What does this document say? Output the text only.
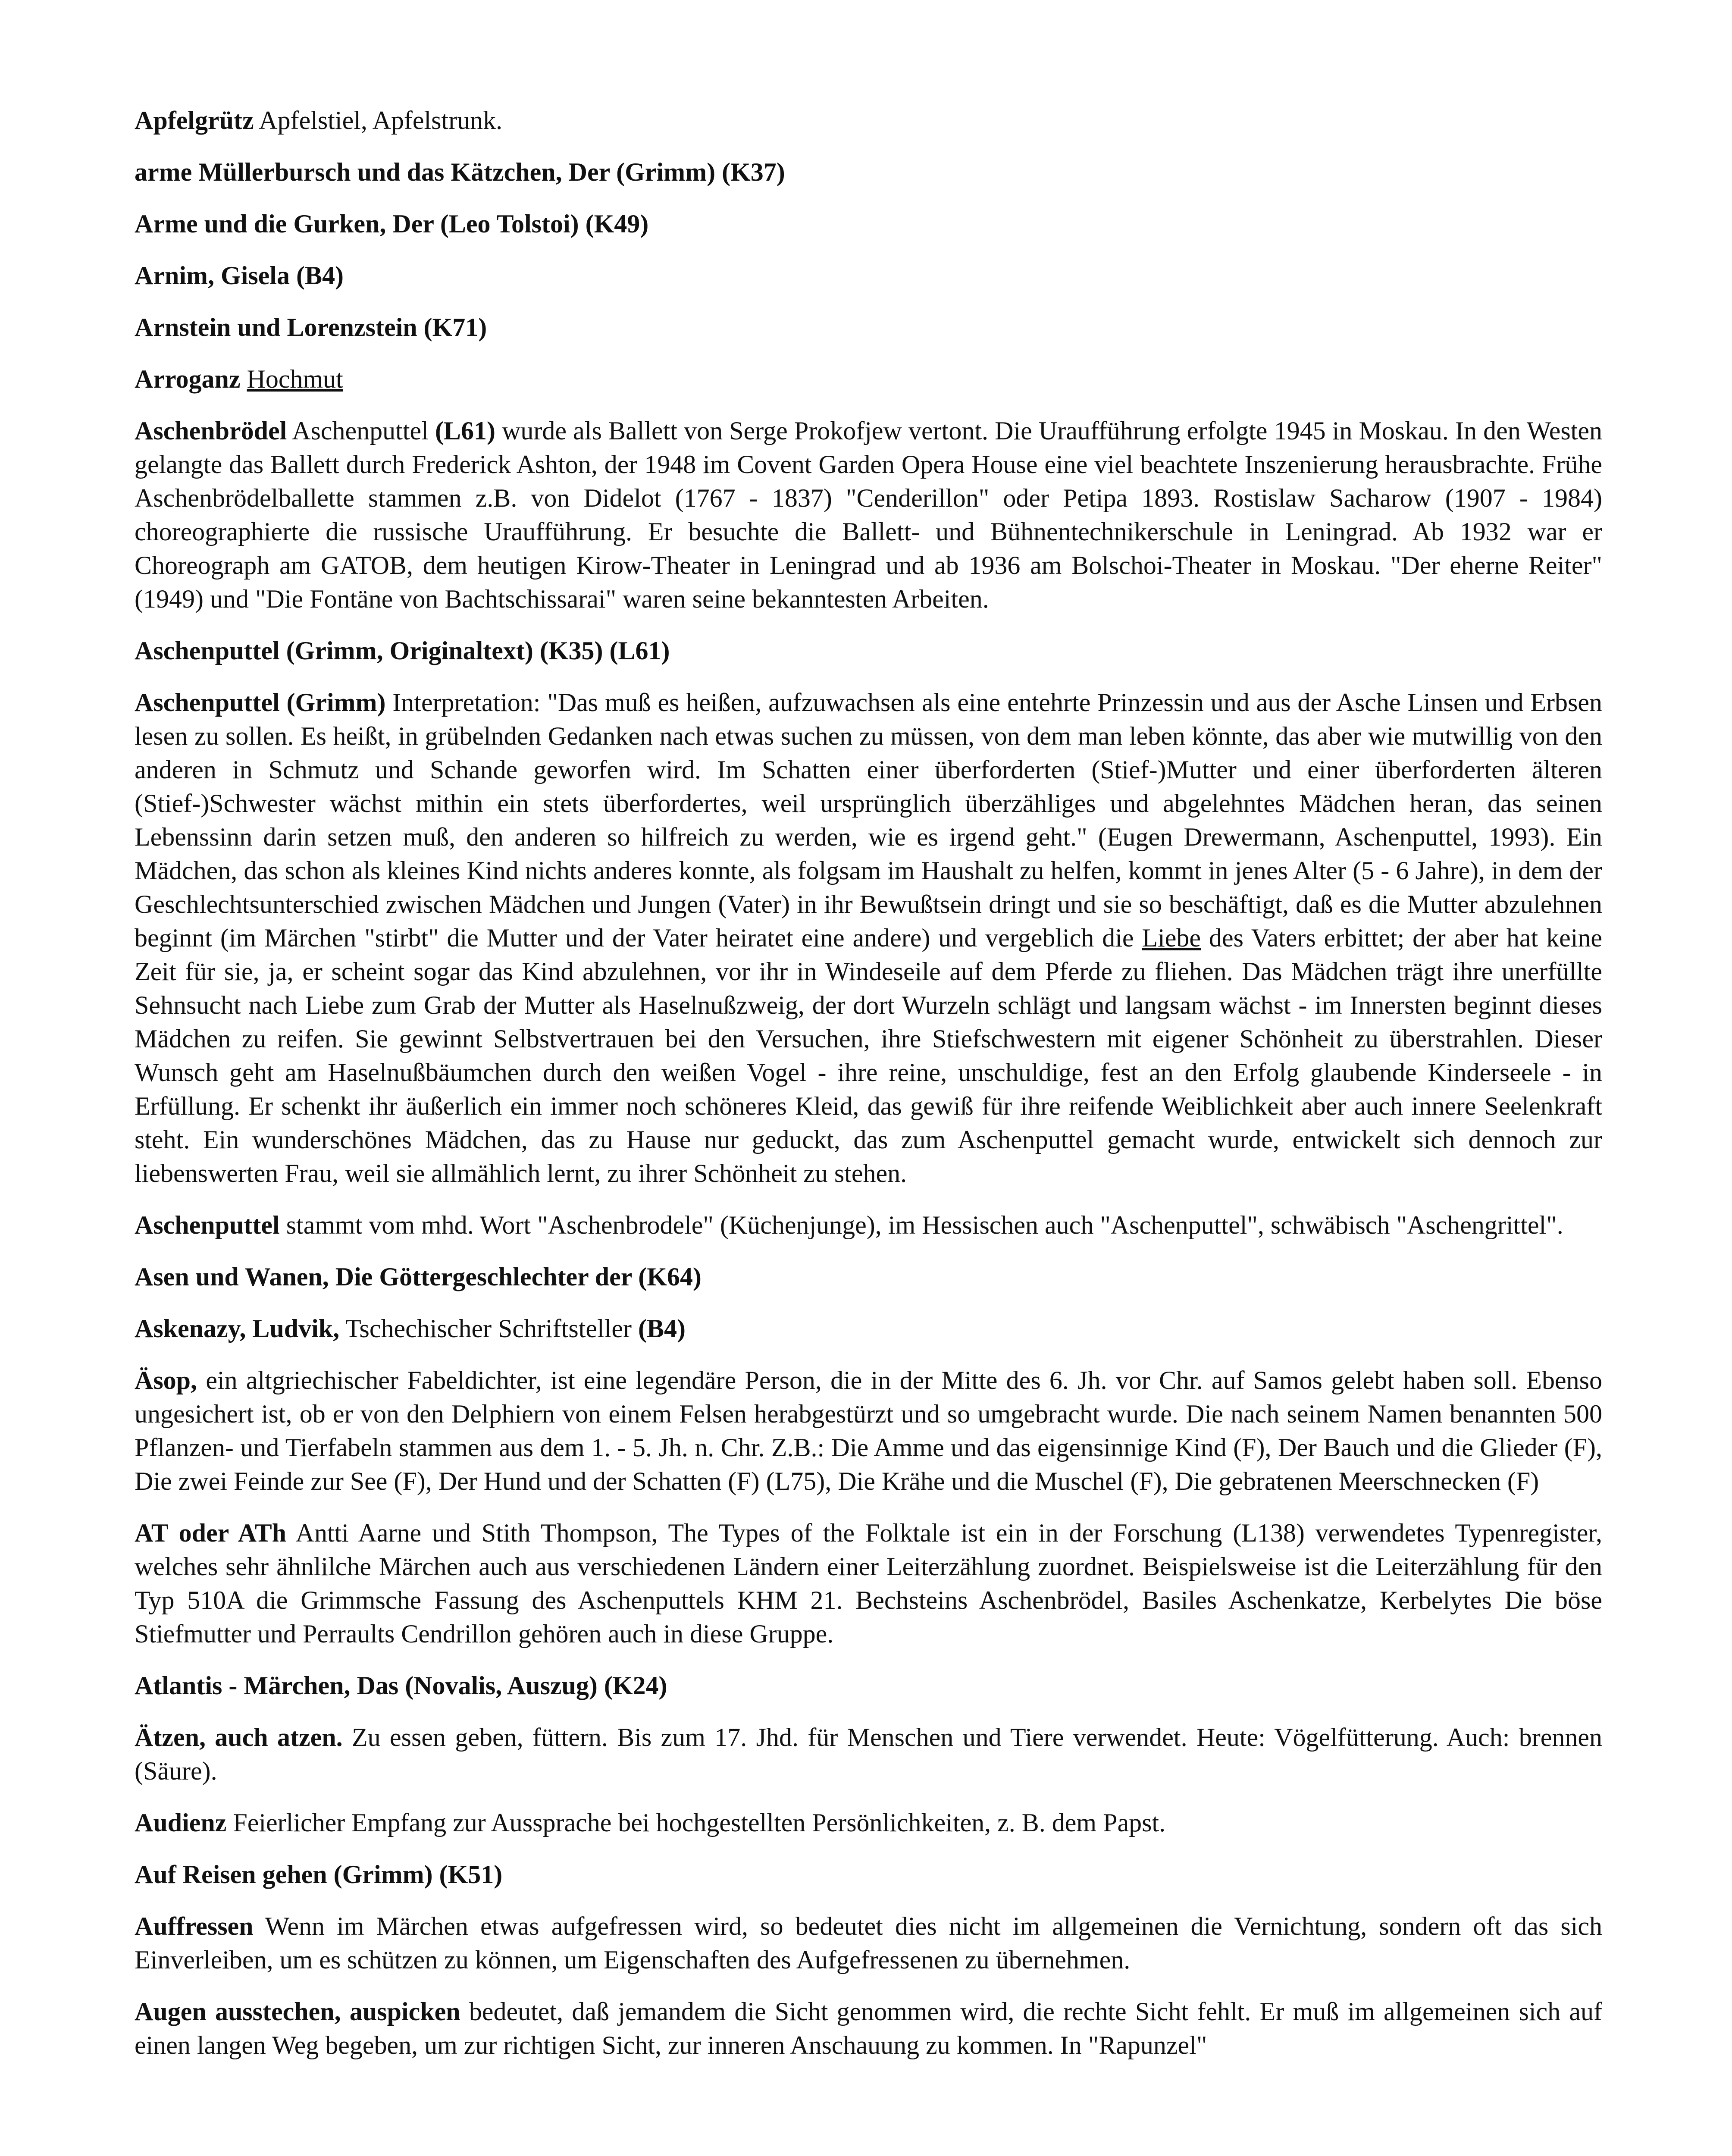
Apfelgrütz Apfelstiel, Apfelstrunk.

arme Müllerbursch und das Kätzchen, Der (Grimm) (K37)

Arme und die Gurken, Der (Leo Tolstoi) (K49)

Arnim, Gisela (B4)

Arnstein und Lorenzstein (K71)

Arroganz Hochmut

Aschenbrödel Aschenputtel (L61) wurde als Ballett von Serge Prokofjew vertont. Die Uraufführung erfolgte 1945 in Moskau. In den Westen gelangte das Ballett durch Frederick Ashton, der 1948 im Covent Garden Opera House eine viel beachtete Inszenierung herausbrachte. Frühe Aschenbrödelballette stammen z.B. von Didelot (1767 - 1837) "Cenderillon" oder Petipa 1893. Rostislaw Sacharow (1907 - 1984) choreographierte die russische Uraufführung. Er besuchte die Ballett- und Bühnentechnikerschule in Leningrad. Ab 1932 war er Choreograph am GATOB, dem heutigen Kirow-Theater in Leningrad und ab 1936 am Bolschoi-Theater in Moskau. "Der eherne Reiter" (1949) und "Die Fontäne von Bachtschissarai" waren seine bekanntesten Arbeiten.

Aschenputtel (Grimm, Originaltext) (K35) (L61)

Aschenputtel (Grimm) Interpretation: "Das muß es heißen, aufzuwachsen als eine entehrte Prinzessin und aus der Asche Linsen und Erbsen lesen zu sollen. Es heißt, in grübelnden Gedanken nach etwas suchen zu müssen, von dem man leben könnte, das aber wie mutwillig von den anderen in Schmutz und Schande geworfen wird. Im Schatten einer überforderten (Stief-)Mutter und einer überforderten älteren (Stief-)Schwester wächst mithin ein stets überfordertes, weil ursprünglich überzähliges und abgelehntes Mädchen heran, das seinen Lebenssinn darin setzen muß, den anderen so hilfreich zu werden, wie es irgend geht." (Eugen Drewermann, Aschenputtel, 1993). Ein Mädchen, das schon als kleines Kind nichts anderes konnte, als folgsam im Haushalt zu helfen, kommt in jenes Alter (5 - 6 Jahre), in dem der Geschlechtsunterschied zwischen Mädchen und Jungen (Vater) in ihr Bewußtsein dringt und sie so beschäftigt, daß es die Mutter abzulehnen beginnt (im Märchen "stirbt" die Mutter und der Vater heiratet eine andere) und vergeblich die Liebe des Vaters erbittet; der aber hat keine Zeit für sie, ja, er scheint sogar das Kind abzulehnen, vor ihr in Windeseile auf dem Pferde zu fliehen. Das Mädchen trägt ihre unerfüllte Sehnsucht nach Liebe zum Grab der Mutter als Haselnußzweig, der dort Wurzeln schlägt und langsam wächst - im Innersten beginnt dieses Mädchen zu reifen. Sie gewinnt Selbstvertrauen bei den Versuchen, ihre Stiefschwestern mit eigener Schönheit zu überstrahlen. Dieser Wunsch geht am Haselnußbäumchen durch den weißen Vogel - ihre reine, unschuldige, fest an den Erfolg glaubende Kinderseele - in Erfüllung. Er schenkt ihr äußerlich ein immer noch schöneres Kleid, das gewiß für ihre reifende Weiblichkeit aber auch innere Seelenkraft steht. Ein wunderschönes Mädchen, das zu Hause nur geduckt, das zum Aschenputtel gemacht wurde, entwickelt sich dennoch zur liebenswerten Frau, weil sie allmählich lernt, zu ihrer Schönheit zu stehen.

Aschenputtel stammt vom mhd. Wort "Aschenbrodele" (Küchenjunge), im Hessischen auch "Aschenputtel", schwäbisch "Aschengrittel".

Asen und Wanen, Die Göttergeschlechter der (K64)

Askenazy, Ludvik, Tschechischer Schriftsteller (B4)

Äsop, ein altgriechischer Fabeldichter, ist eine legendäre Person, die in der Mitte des 6. Jh. vor Chr. auf Samos gelebt haben soll. Ebenso ungesichert ist, ob er von den Delphiern von einem Felsen herabgestürzt und so umgebracht wurde. Die nach seinem Namen benannten 500 Pflanzen- und Tierfabeln stammen aus dem 1. - 5. Jh. n. Chr. Z.B.: Die Amme und das eigensinnige Kind (F), Der Bauch und die Glieder (F), Die zwei Feinde zur See (F), Der Hund und der Schatten (F) (L75), Die Krähe und die Muschel (F), Die gebratenen Meerschnecken (F)

AT oder ATh Antti Aarne und Stith Thompson, The Types of the Folktale ist ein in der Forschung (L138) verwendetes Typenregister, welches sehr ähnlilche Märchen auch aus verschiedenen Ländern einer Leiterzählung zuordnet. Beispielsweise ist die Leiterzählung für den Typ 510A die Grimmsche Fassung des Aschenputtels KHM 21. Bechsteins Aschenbrödel, Basiles Aschenkatze, Kerbelytes Die böse Stiefmutter und Perraults Cendrillon gehören auch in diese Gruppe.

Atlantis - Märchen, Das (Novalis, Auszug) (K24)

Ätzen, auch atzen. Zu essen geben, füttern. Bis zum 17. Jhd. für Menschen und Tiere verwendet. Heute: Vögelfütterung. Auch: brennen (Säure).

Audienz Feierlicher Empfang zur Aussprache bei hochgestellten Persönlichkeiten, z. B. dem Papst.

Auf Reisen gehen (Grimm) (K51)

Auffressen Wenn im Märchen etwas aufgefressen wird, so bedeutet dies nicht im allgemeinen die Vernichtung, sondern oft das sich Einverleiben, um es schützen zu können, um Eigenschaften des Aufgefressenen zu übernehmen.

Augen ausstechen, auspicken bedeutet, daß jemandem die Sicht genommen wird, die rechte Sicht fehlt. Er muß im allgemeinen sich auf einen langen Weg begeben, um zur richtigen Sicht, zur inneren Anschauung zu kommen. In "Rapunzel"
